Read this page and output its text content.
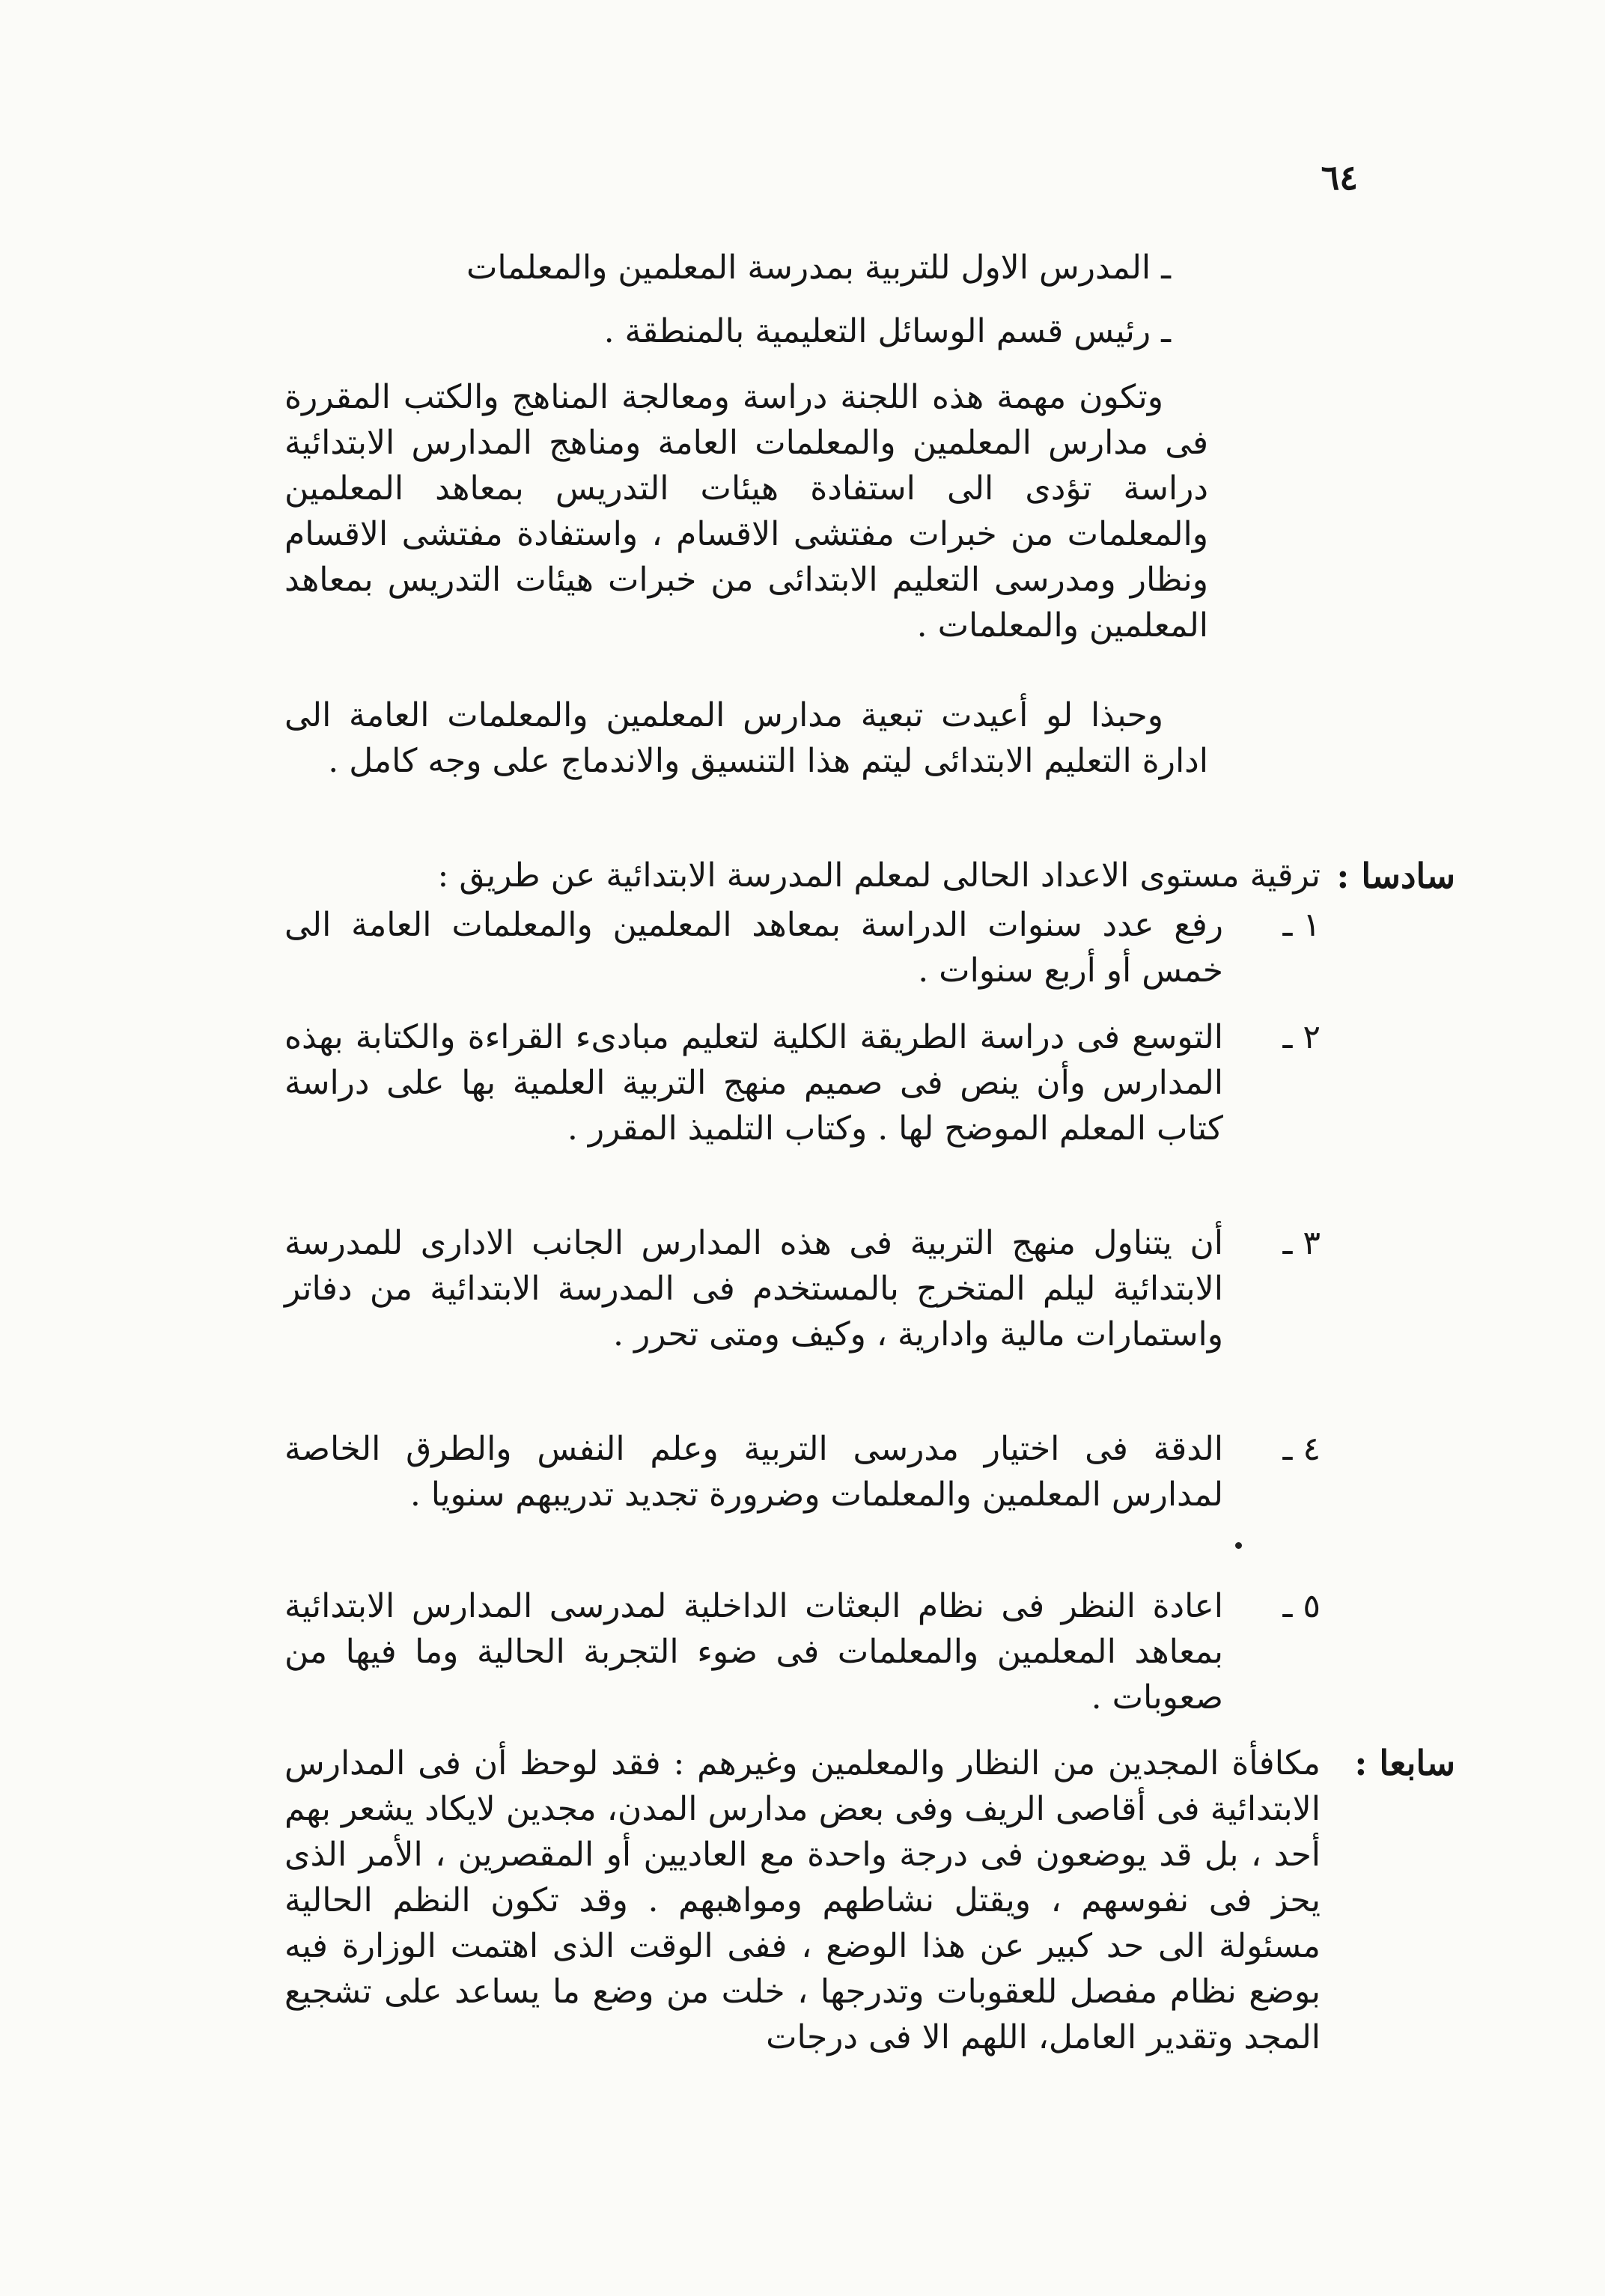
٦٤
ـ المدرس الاول للتربية بمدرسة المعلمين والمعلمات
ـ رئيس قسم الوسائل التعليمية بالمنطقة .

وتكون مهمة هذه اللجنة دراسة ومعالجة المناهج والكتب المقررة فى مدارس المعلمين والمعلمات العامة ومناهج المدارس الابتدائية دراسة تؤدى الى استفادة هيئات التدريس بمعاهد المعلمين والمعلمات من خبرات مفتشى الاقسام ، واستفادة مفتشى الاقسام ونظار ومدرسى التعليم الابتدائى من خبرات هيئات التدريس بمعاهد المعلمين والمعلمات .

وحبذا لو أعيدت تبعية مدارس المعلمين والمعلمات العامة الى ادارة التعليم الابتدائى ليتم هذا التنسيق والاندماج على وجه كامل .

سادسا :
ترقية مستوى الاعداد الحالى لمعلم المدرسة الابتدائية عن طريق :
١ ـ
رفع عدد سنوات الدراسة بمعاهد المعلمين والمعلمات العامة الى خمس أو أربع سنوات .
٢ ـ
التوسع فى دراسة الطريقة الكلية لتعليم مبادىء القراءة والكتابة بهذه المدارس وأن ينص فى صميم منهج التربية العلمية بها على دراسة كتاب المعلم الموضح لها . وكتاب التلميذ المقرر .
٣ ـ
أن يتناول منهج التربية فى هذه المدارس الجانب الادارى للمدرسة الابتدائية ليلم المتخرج بالمستخدم فى المدرسة الابتدائية من دفاتر واستمارات مالية وادارية ، وكيف ومتى تحرر .
٤ ـ
الدقة فى اختيار مدرسى التربية وعلم النفس والطرق الخاصة لمدارس المعلمين والمعلمات وضرورة تجديد تدريبهم سنويا .
٥ ـ
اعادة النظر فى نظام البعثات الداخلية لمدرسى المدارس الابتدائية بمعاهد المعلمين والمعلمات فى ضوء التجربة الحالية وما فيها من صعوبات .
سابعا :

مكافأة المجدين من النظار والمعلمين وغيرهم : فقد لوحظ أن فى المدارس الابتدائية فى أقاصى الريف وفى بعض مدارس المدن، مجدين لايكاد يشعر بهم أحد ، بل قد يوضعون فى درجة واحدة مع العاديين أو المقصرين ، الأمر الذى يحز فى نفوسهم ، ويقتل نشاطهم ومواهبهم . وقد تكون النظم الحالية مسئولة الى حد كبير عن هذا الوضع ، ففى الوقت الذى اهتمت الوزارة فيه بوضع نظام مفصل للعقوبات وتدرجها ، خلت من وضع ما يساعد على تشجيع المجد وتقدير العامل، اللهم الا فى درجات
